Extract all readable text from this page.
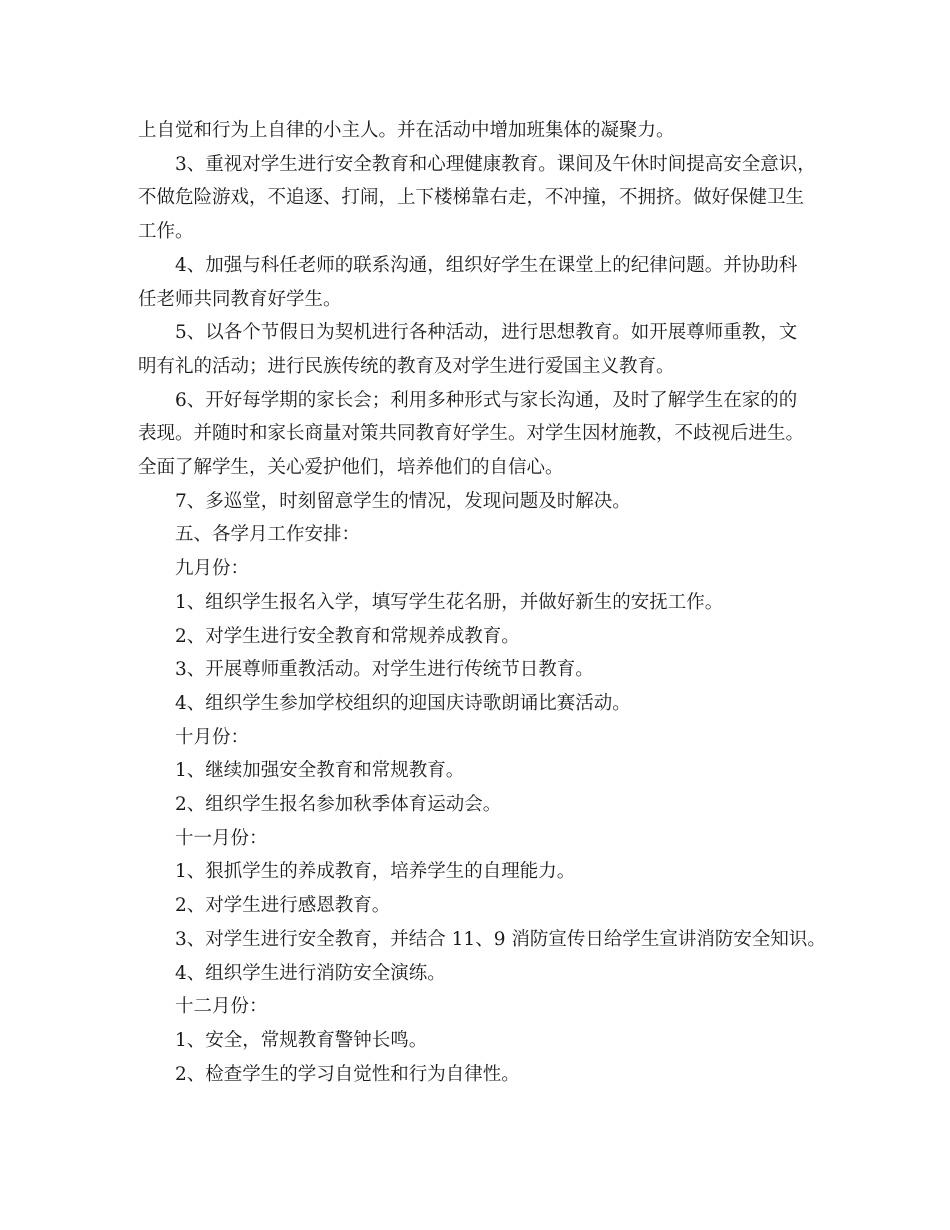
上自觉和行为上自律的小主人。并在活动中增加班集体的凝聚力。

3、重视对学生进行安全教育和心理健康教育。课间及午休时间提高安全意识，

不做危险游戏，不追逐、打闹，上下楼梯靠右走，不冲撞，不拥挤。做好保健卫生

工作。

4、加强与科任老师的联系沟通，组织好学生在课堂上的纪律问题。并协助科

任老师共同教育好学生。

5、以各个节假日为契机进行各种活动，进行思想教育。如开展尊师重教，文

明有礼的活动；进行民族传统的教育及对学生进行爱国主义教育。

6、开好每学期的家长会；利用多种形式与家长沟通，及时了解学生在家的的

表现。并随时和家长商量对策共同教育好学生。对学生因材施教，不歧视后进生。

全面了解学生，关心爱护他们，培养他们的自信心。

7、多巡堂，时刻留意学生的情况，发现问题及时解决。

五、各学月工作安排：

九月份：

1、组织学生报名入学，填写学生花名册，并做好新生的安抚工作。

2、对学生进行安全教育和常规养成教育。

3、开展尊师重教活动。对学生进行传统节日教育。

4、组织学生参加学校组织的迎国庆诗歌朗诵比赛活动。

十月份：

1、继续加强安全教育和常规教育。

2、组织学生报名参加秋季体育运动会。

十一月份：

1、狠抓学生的养成教育，培养学生的自理能力。

2、对学生进行感恩教育。

3、对学生进行安全教育，并结合 11、9 消防宣传日给学生宣讲消防安全知识。

4、组织学生进行消防安全演练。

十二月份：

1、安全，常规教育警钟长鸣。

2、检查学生的学习自觉性和行为自律性。
